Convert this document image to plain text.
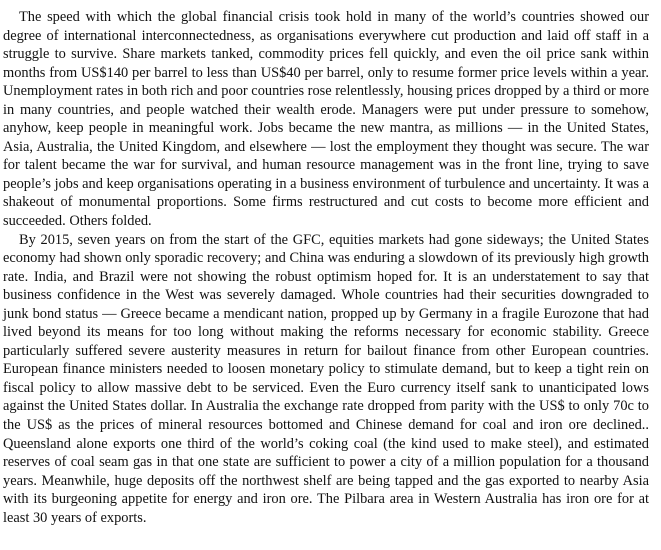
The speed with which the global financial crisis took hold in many of the world’s countries showed our degree of international interconnectedness, as organisations everywhere cut production and laid off staff in a struggle to survive. Share markets tanked, commodity prices fell quickly, and even the oil price sank within months from US$140 per barrel to less than US$40 per barrel, only to resume former price levels within a year. Unemployment rates in both rich and poor countries rose relentlessly, housing prices dropped by a third or more in many countries, and people watched their wealth erode. Managers were put under pressure to somehow, anyhow, keep people in meaningful work. Jobs became the new mantra, as millions — in the United States, Asia, Australia, the United Kingdom, and elsewhere — lost the employment they thought was secure. The war for talent became the war for survival, and human resource management was in the front line, trying to save people’s jobs and keep organisations operating in a business environment of turbulence and uncertainty. It was a shakeout of monumental proportions. Some firms restructured and cut costs to become more efficient and succeeded. Others folded.

By 2015, seven years on from the start of the GFC, equities markets had gone sideways; the United States economy had shown only sporadic recovery; and China was enduring a slowdown of its previously high growth rate. India, and Brazil were not showing the robust optimism hoped for. It is an understatement to say that business confidence in the West was severely damaged. Whole countries had their securities downgraded to junk bond status — Greece became a mendicant nation, propped up by Germany in a fragile Eurozone that had lived beyond its means for too long without making the reforms necessary for economic stability. Greece particularly suffered severe austerity measures in return for bailout finance from other European countries. European finance ministers needed to loosen monetary policy to stimulate demand, but to keep a tight rein on fiscal policy to allow massive debt to be serviced. Even the Euro currency itself sank to unanticipated lows against the United States dollar. In Australia the exchange rate dropped from parity with the US$ to only 70c to the US$ as the prices of mineral resources bottomed and Chinese demand for coal and iron ore declined.. Queensland alone exports one third of the world’s coking coal (the kind used to make steel), and estimated reserves of coal seam gas in that one state are sufficient to power a city of a million population for a thousand years. Meanwhile, huge deposits off the northwest shelf are being tapped and the gas exported to nearby Asia with its burgeoning appetite for energy and iron ore. The Pilbara area in Western Australia has iron ore for at least 30 years of exports.
